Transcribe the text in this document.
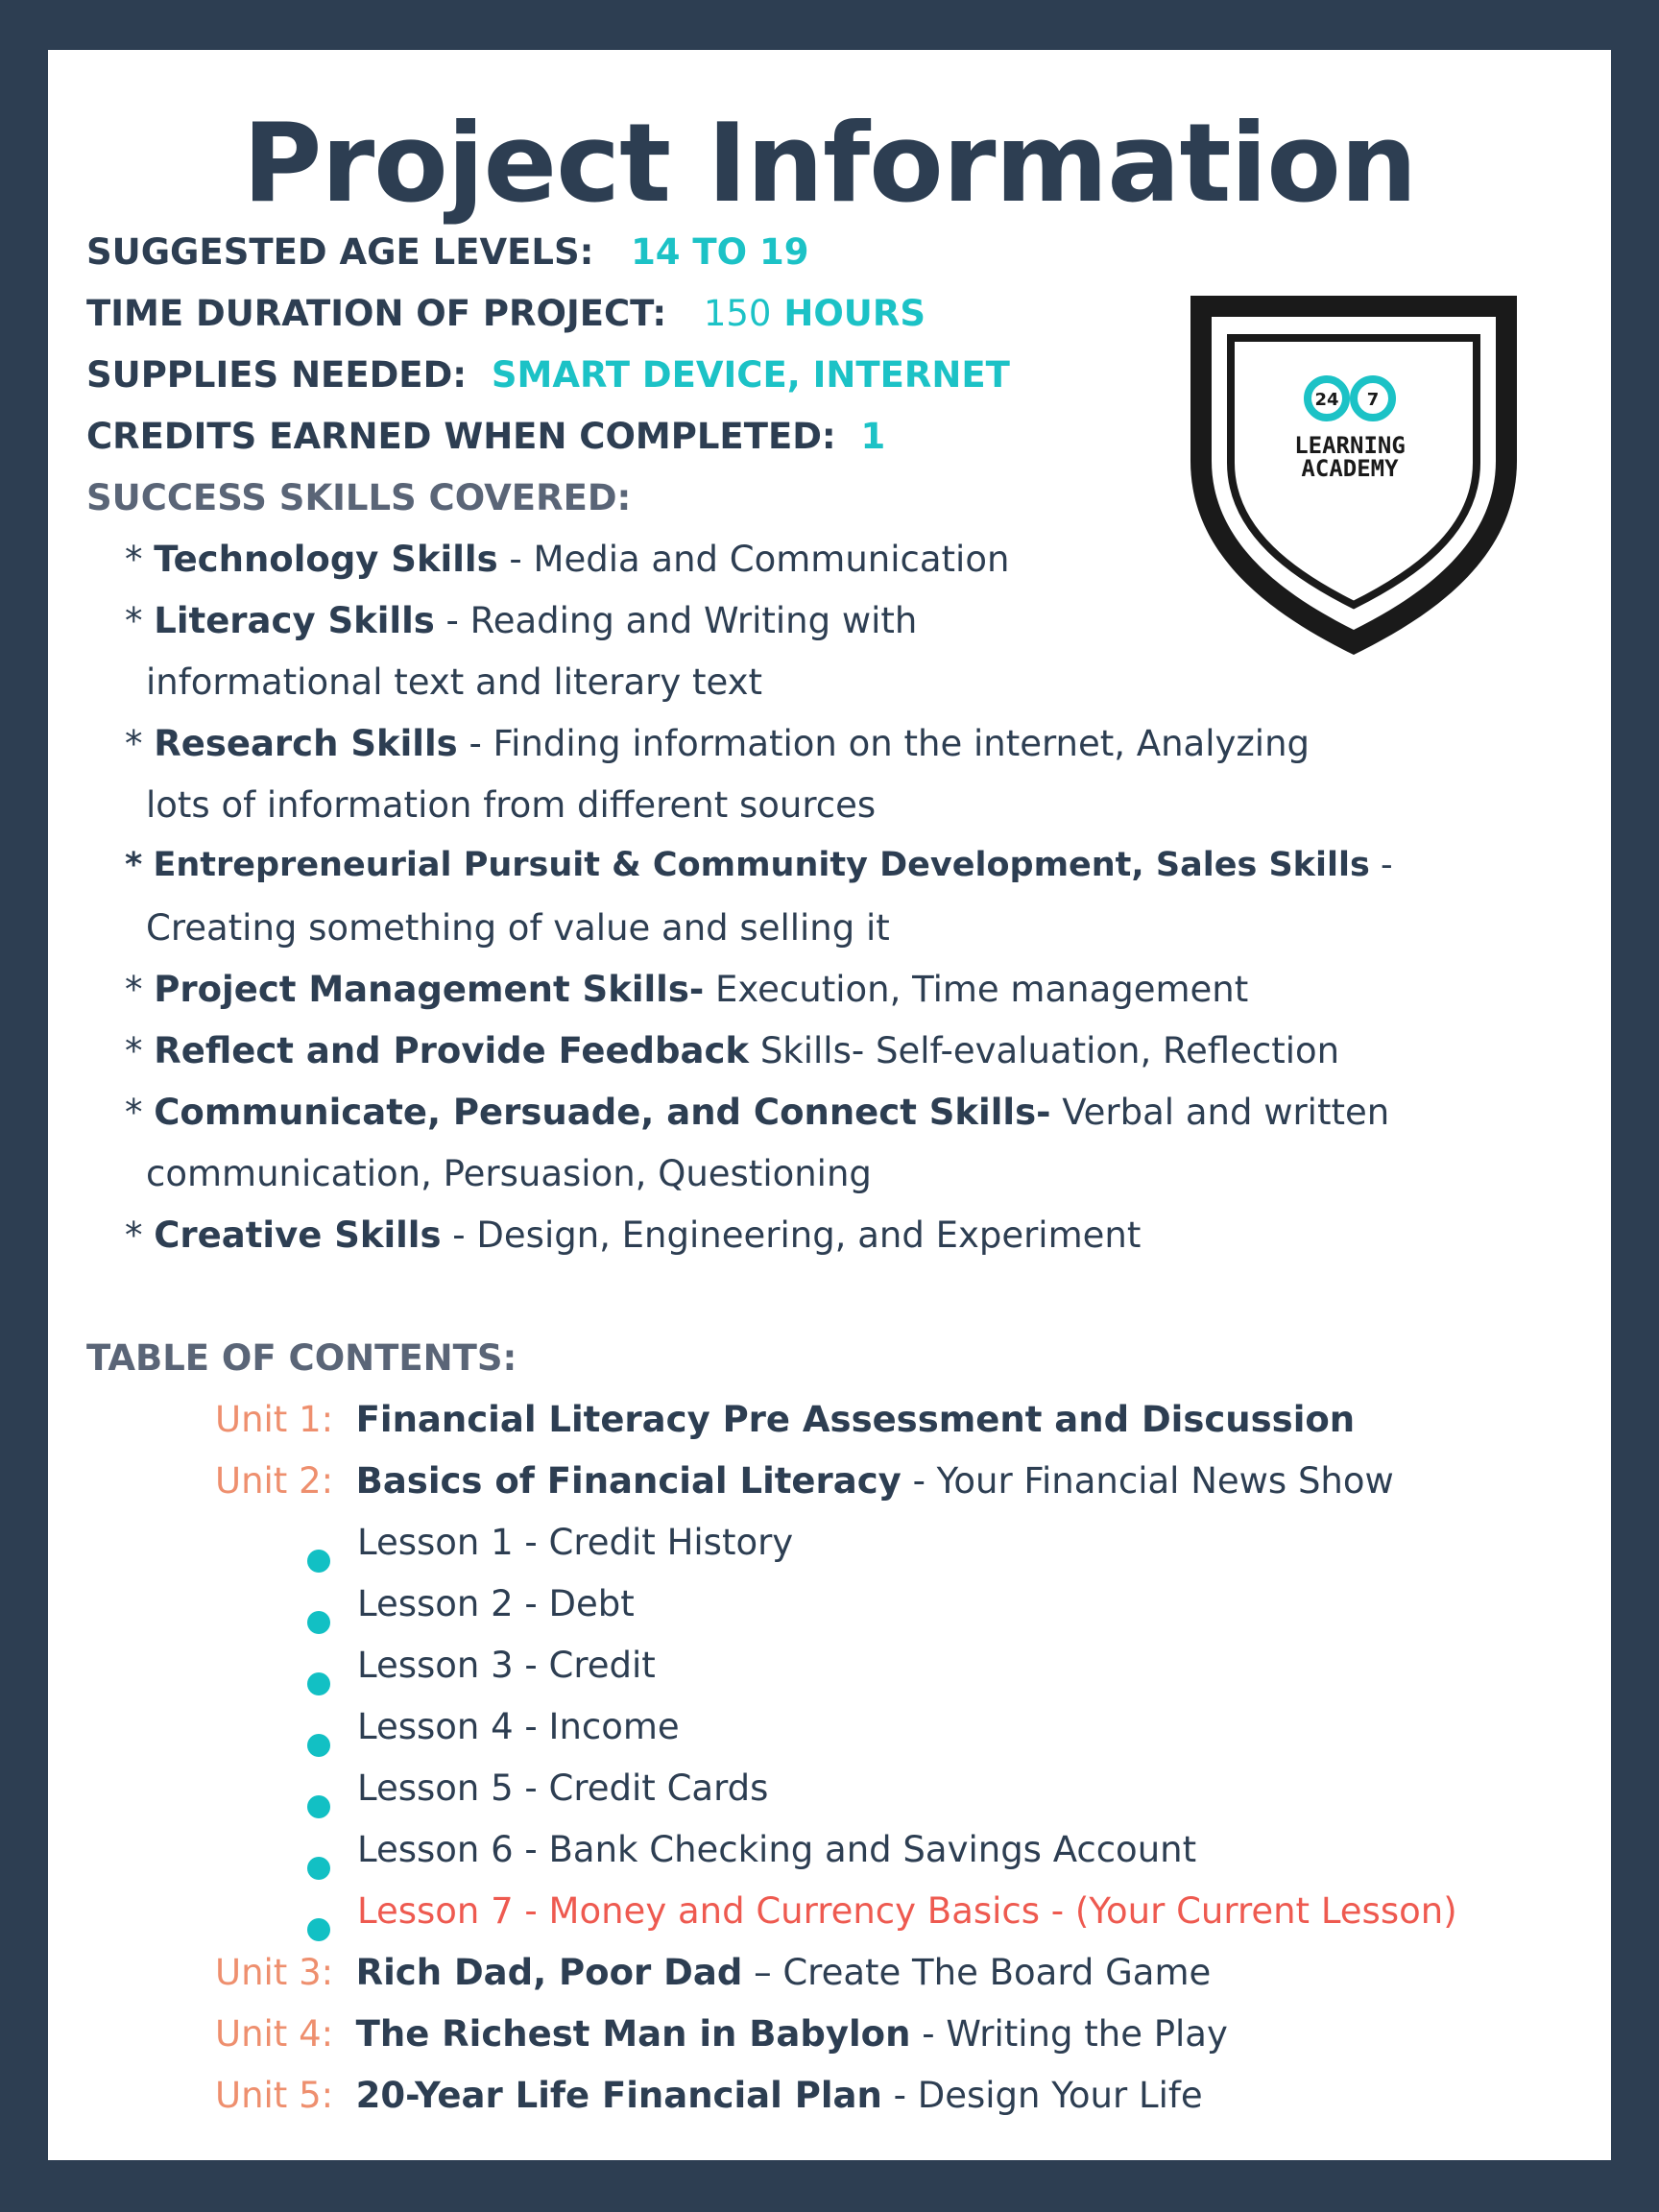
Project Information
SUGGESTED AGE LEVELS: 14 TO 19
TIME DURATION OF PROJECT: 150 HOURS
SUPPLIES NEEDED: SMART DEVICE, INTERNET
CREDITS EARNED WHEN COMPLETED: 1
SUCCESS SKILLS COVERED:
* Technology Skills - Media and Communication
* Literacy Skills - Reading and Writing with
informational text and literary text
* Research Skills - Finding information on the internet, Analyzing
lots of information from different sources
* Entrepreneurial Pursuit & Community Development, Sales Skills -
Creating something of value and selling it
* Project Management Skills- Execution, Time management
* Reflect and Provide Feedback Skills- Self-evaluation, Reflection
* Communicate, Persuade, and Connect Skills- Verbal and written
communication, Persuasion, Questioning
* Creative Skills - Design, Engineering, and Experiment
TABLE OF CONTENTS:
Unit 1: Financial Literacy Pre Assessment and Discussion
Unit 2: Basics of Financial Literacy - Your Financial News Show
Lesson 1 - Credit History
Lesson 2 - Debt
Lesson 3 - Credit
Lesson 4 - Income
Lesson 5 - Credit Cards
Lesson 6 - Bank Checking and Savings Account
Lesson 7 - Money and Currency Basics - (Your Current Lesson)
Unit 3: Rich Dad, Poor Dad – Create The Board Game
Unit 4: The Richest Man in Babylon - Writing the Play
Unit 5: 20-Year Life Financial Plan - Design Your Life
24 7
LEARNING
ACADEMY
